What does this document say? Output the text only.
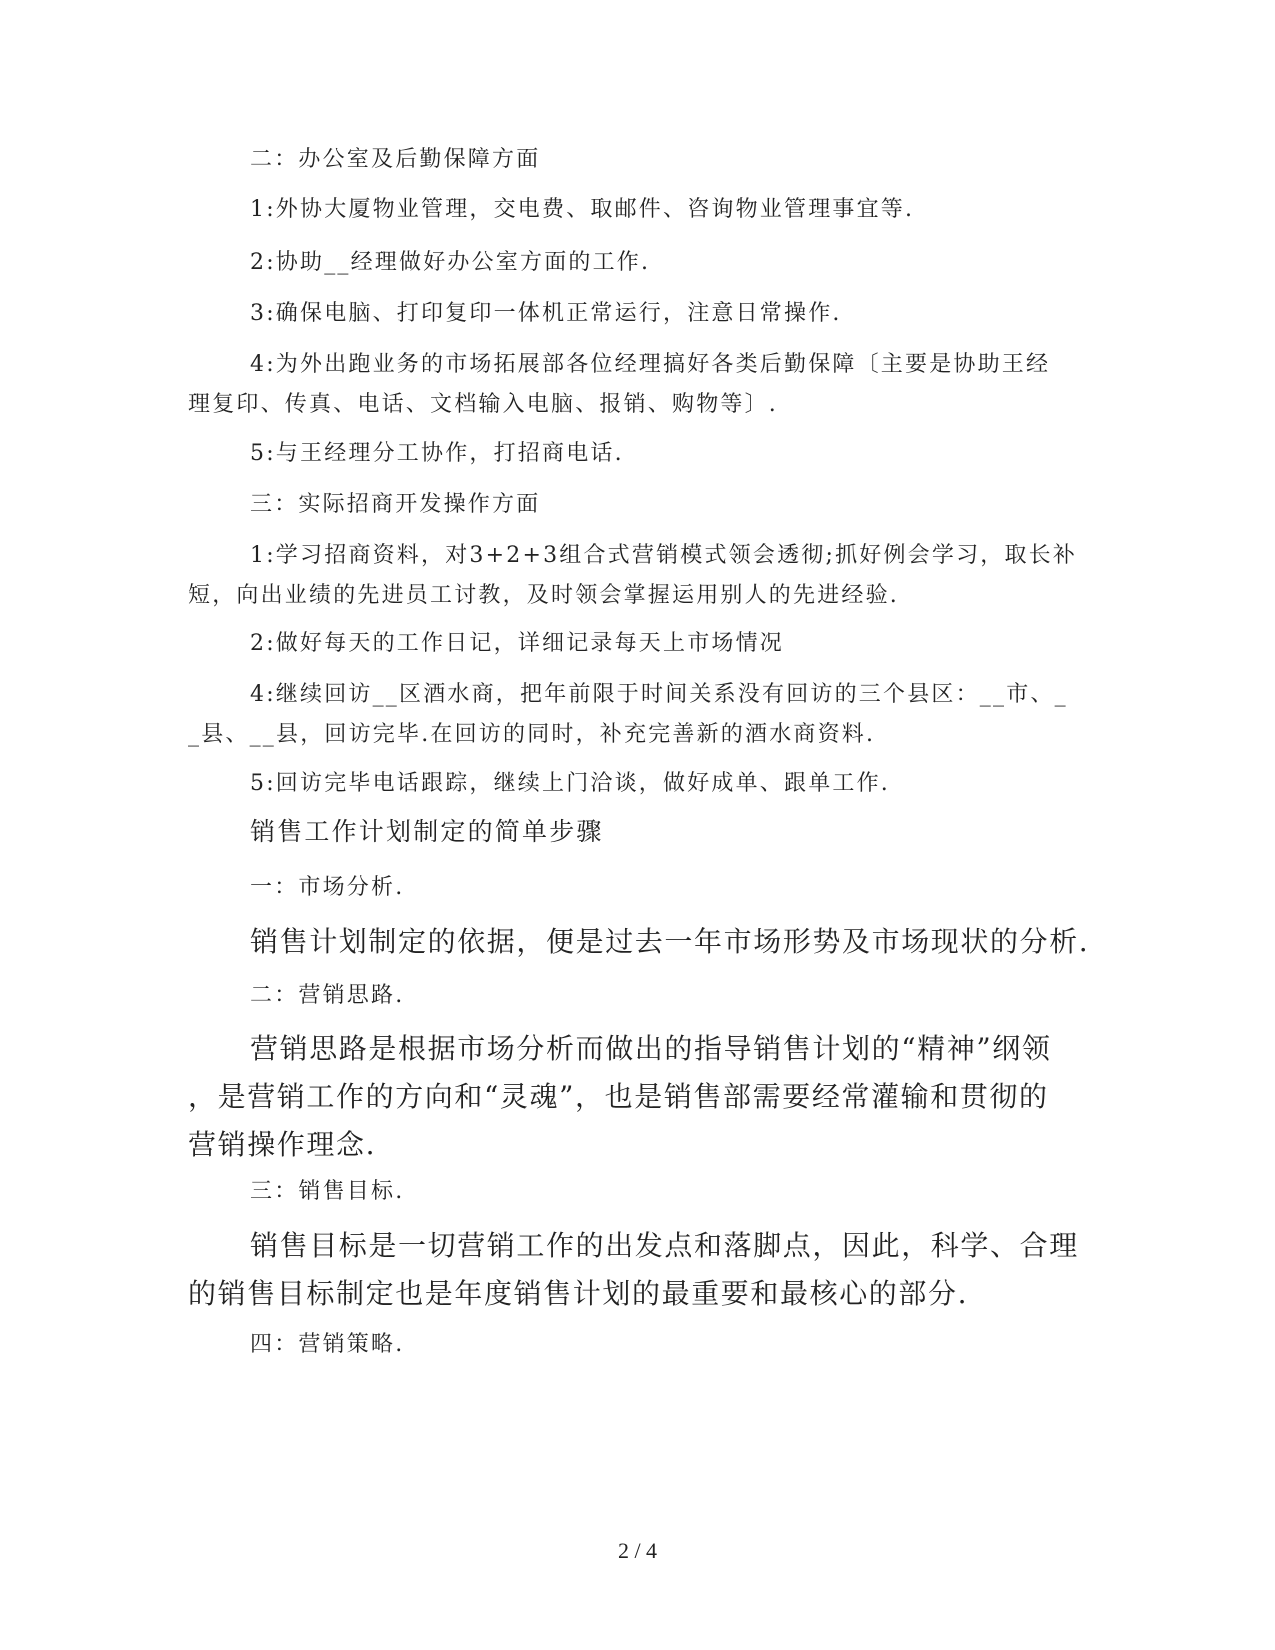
二：办公室及后勤保障方面

1:外协大厦物业管理，交电费、取邮件、咨询物业管理事宜等.

2:协助__经理做好办公室方面的工作.

3:确保电脑、打印复印一体机正常运行，注意日常操作.

4:为外出跑业务的市场拓展部各位经理搞好各类后勤保障〔主要是协助王经
理复印、传真、电话、文档输入电脑、报销、购物等〕.

5:与王经理分工协作，打招商电话.

三：实际招商开发操作方面

1:学习招商资料，对3+2+3组合式营销模式领会透彻;抓好例会学习，取长补
短，向出业绩的先进员工讨教，及时领会掌握运用别人的先进经验.

2:做好每天的工作日记，详细记录每天上市场情况

4:继续回访__区酒水商，把年前限于时间关系没有回访的三个县区：__市、_
_县、__县，回访完毕.在回访的同时，补充完善新的酒水商资料.

5:回访完毕电话跟踪，继续上门洽谈，做好成单、跟单工作.

销售工作计划制定的简单步骤

一：市场分析.

销售计划制定的依据，便是过去一年市场形势及市场现状的分析.

二：营销思路.

营销思路是根据市场分析而做出的指导销售计划的“精神”纲领
，是营销工作的方向和“灵魂”，也是销售部需要经常灌输和贯彻的
营销操作理念.

三：销售目标.

销售目标是一切营销工作的出发点和落脚点，因此，科学、合理
的销售目标制定也是年度销售计划的最重要和最核心的部分.

四：营销策略.

2 / 4
